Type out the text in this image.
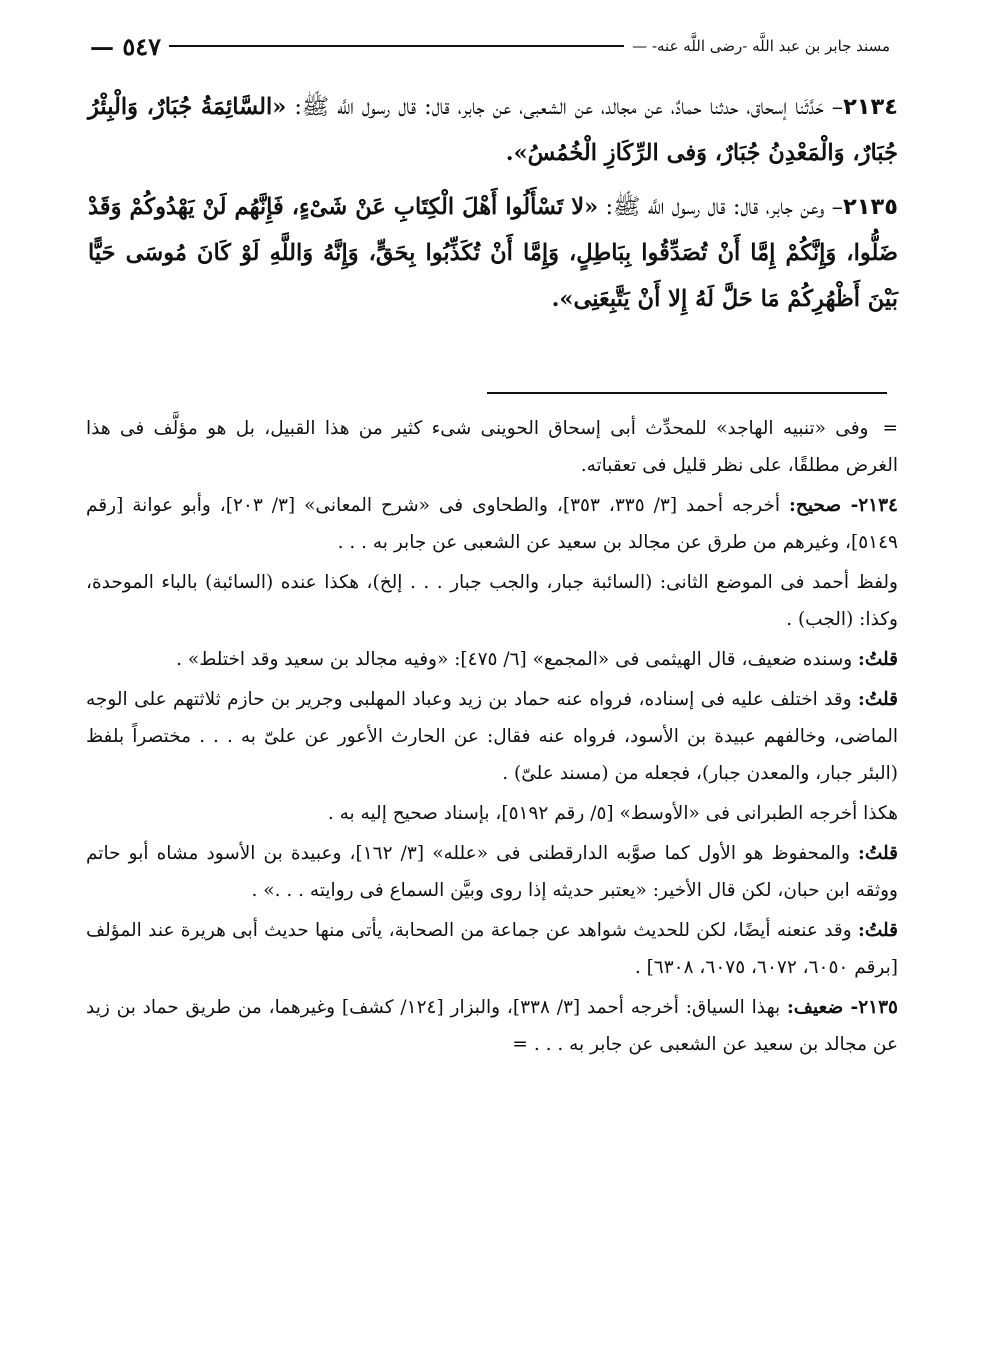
— ٥٤٧	مسند جابر بن عبد اللَّه -رضى اللَّه عنه- —

٢١٣٤– حَدَّثَنا إسحاق، حدثنا حمادٌ، عن مجالد، عن الشعبى، عن جابر، قال: قال رسول اللَّه ﷺ: «السَّائِمَةُ جُبَارٌ، وَالْبِئْرُ جُبَارٌ، وَالْمَعْدِنُ جُبَارٌ، وَفى الرِّكَازِ الْخُمُسُ».

٢١٣٥– وعن جابر، قال: قال رسول اللَّه ﷺ: «لا تَسْأَلُوا أَهْلَ الْكِتَابِ عَنْ شَىْءٍ، فَإِنَّهُم لَنْ يَهْدُوكُمْ وَقَدْ ضَلُّوا، وَإِنَّكُمْ إِمَّا أَنْ تُصَدِّقُوا بِبَاطِلٍ، وَإِمَّا أَنْ تُكَذِّبُوا بِحَقٍّ، وَإِنَّهُ وَاللَّهِ لَوْ كَانَ مُوسَى حَيًّا بَيْنَ أَظْهُرِكُمْ مَا حَلَّ لَهُ إِلا أَنْ يَتَّبِعَنِى».

=وفى «تنبيه الهاجد» للمحدِّث أبى إسحاق الحوينى شىء كثير من هذا القبيل، بل هو مؤلَّف فى هذا الغرض مطلقًا، على نظر قليل فى تعقباته.

٢١٣٤- صحيح: أخرجه أحمد [٣/ ٣٣٥، ٣٥٣]، والطحاوى فى «شرح المعانى» [٣/ ٢٠٣]، وأبو عوانة [رقم ٥١٤٩]، وغيرهم من طرق عن مجالد بن سعيد عن الشعبى عن جابر به . . .

ولفظ أحمد فى الموضع الثانى: (السائبة جبار، والجب جبار . . . إلخ)، هكذا عنده (السائبة) بالباء الموحدة، وكذا: (الجب) .

قلتُ: وسنده ضعيف، قال الهيثمى فى «المجمع» [٦/ ٤٧٥]: «وفيه مجالد بن سعيد وقد اختلط» .

قلتُ: وقد اختلف عليه فى إسناده، فرواه عنه حماد بن زيد وعباد المهلبى وجرير بن حازم ثلاثتهم على الوجه الماضى، وخالفهم عبيدة بن الأسود، فرواه عنه فقال: عن الحارث الأعور عن علىّ به . . . مختصراً بلفظ (البئر جبار، والمعدن جبار)، فجعله من (مسند علىّ) .

هكذا أخرجه الطبرانى فى «الأوسط» [٥/ رقم ٥١٩٢]، بإسناد صحيح إليه به .

قلتُ: والمحفوظ هو الأول كما صوَّبه الدارقطنى فى «علله» [٣/ ١٦٢]، وعبيدة بن الأسود مشاه أبو حاتم ووثقه ابن حبان، لكن قال الأخير: «يعتبر حديثه إذا روى وبيَّن السماع فى روايته . . .» .

قلتُ: وقد عنعنه أيضًا، لكن للحديث شواهد عن جماعة من الصحابة، يأتى منها حديث أبى هريرة عند المؤلف [برقم ٦٠٥٠، ٦٠٧٢، ٦٠٧٥، ٦٣٠٨] .

٢١٣٥- ضعيف: بهذا السياق: أخرجه أحمد [٣/ ٣٣٨]، والبزار [١٢٤/ كشف] وغيرهما، من طريق حماد بن زيد عن مجالد بن سعيد عن الشعبى عن جابر به . . . =
